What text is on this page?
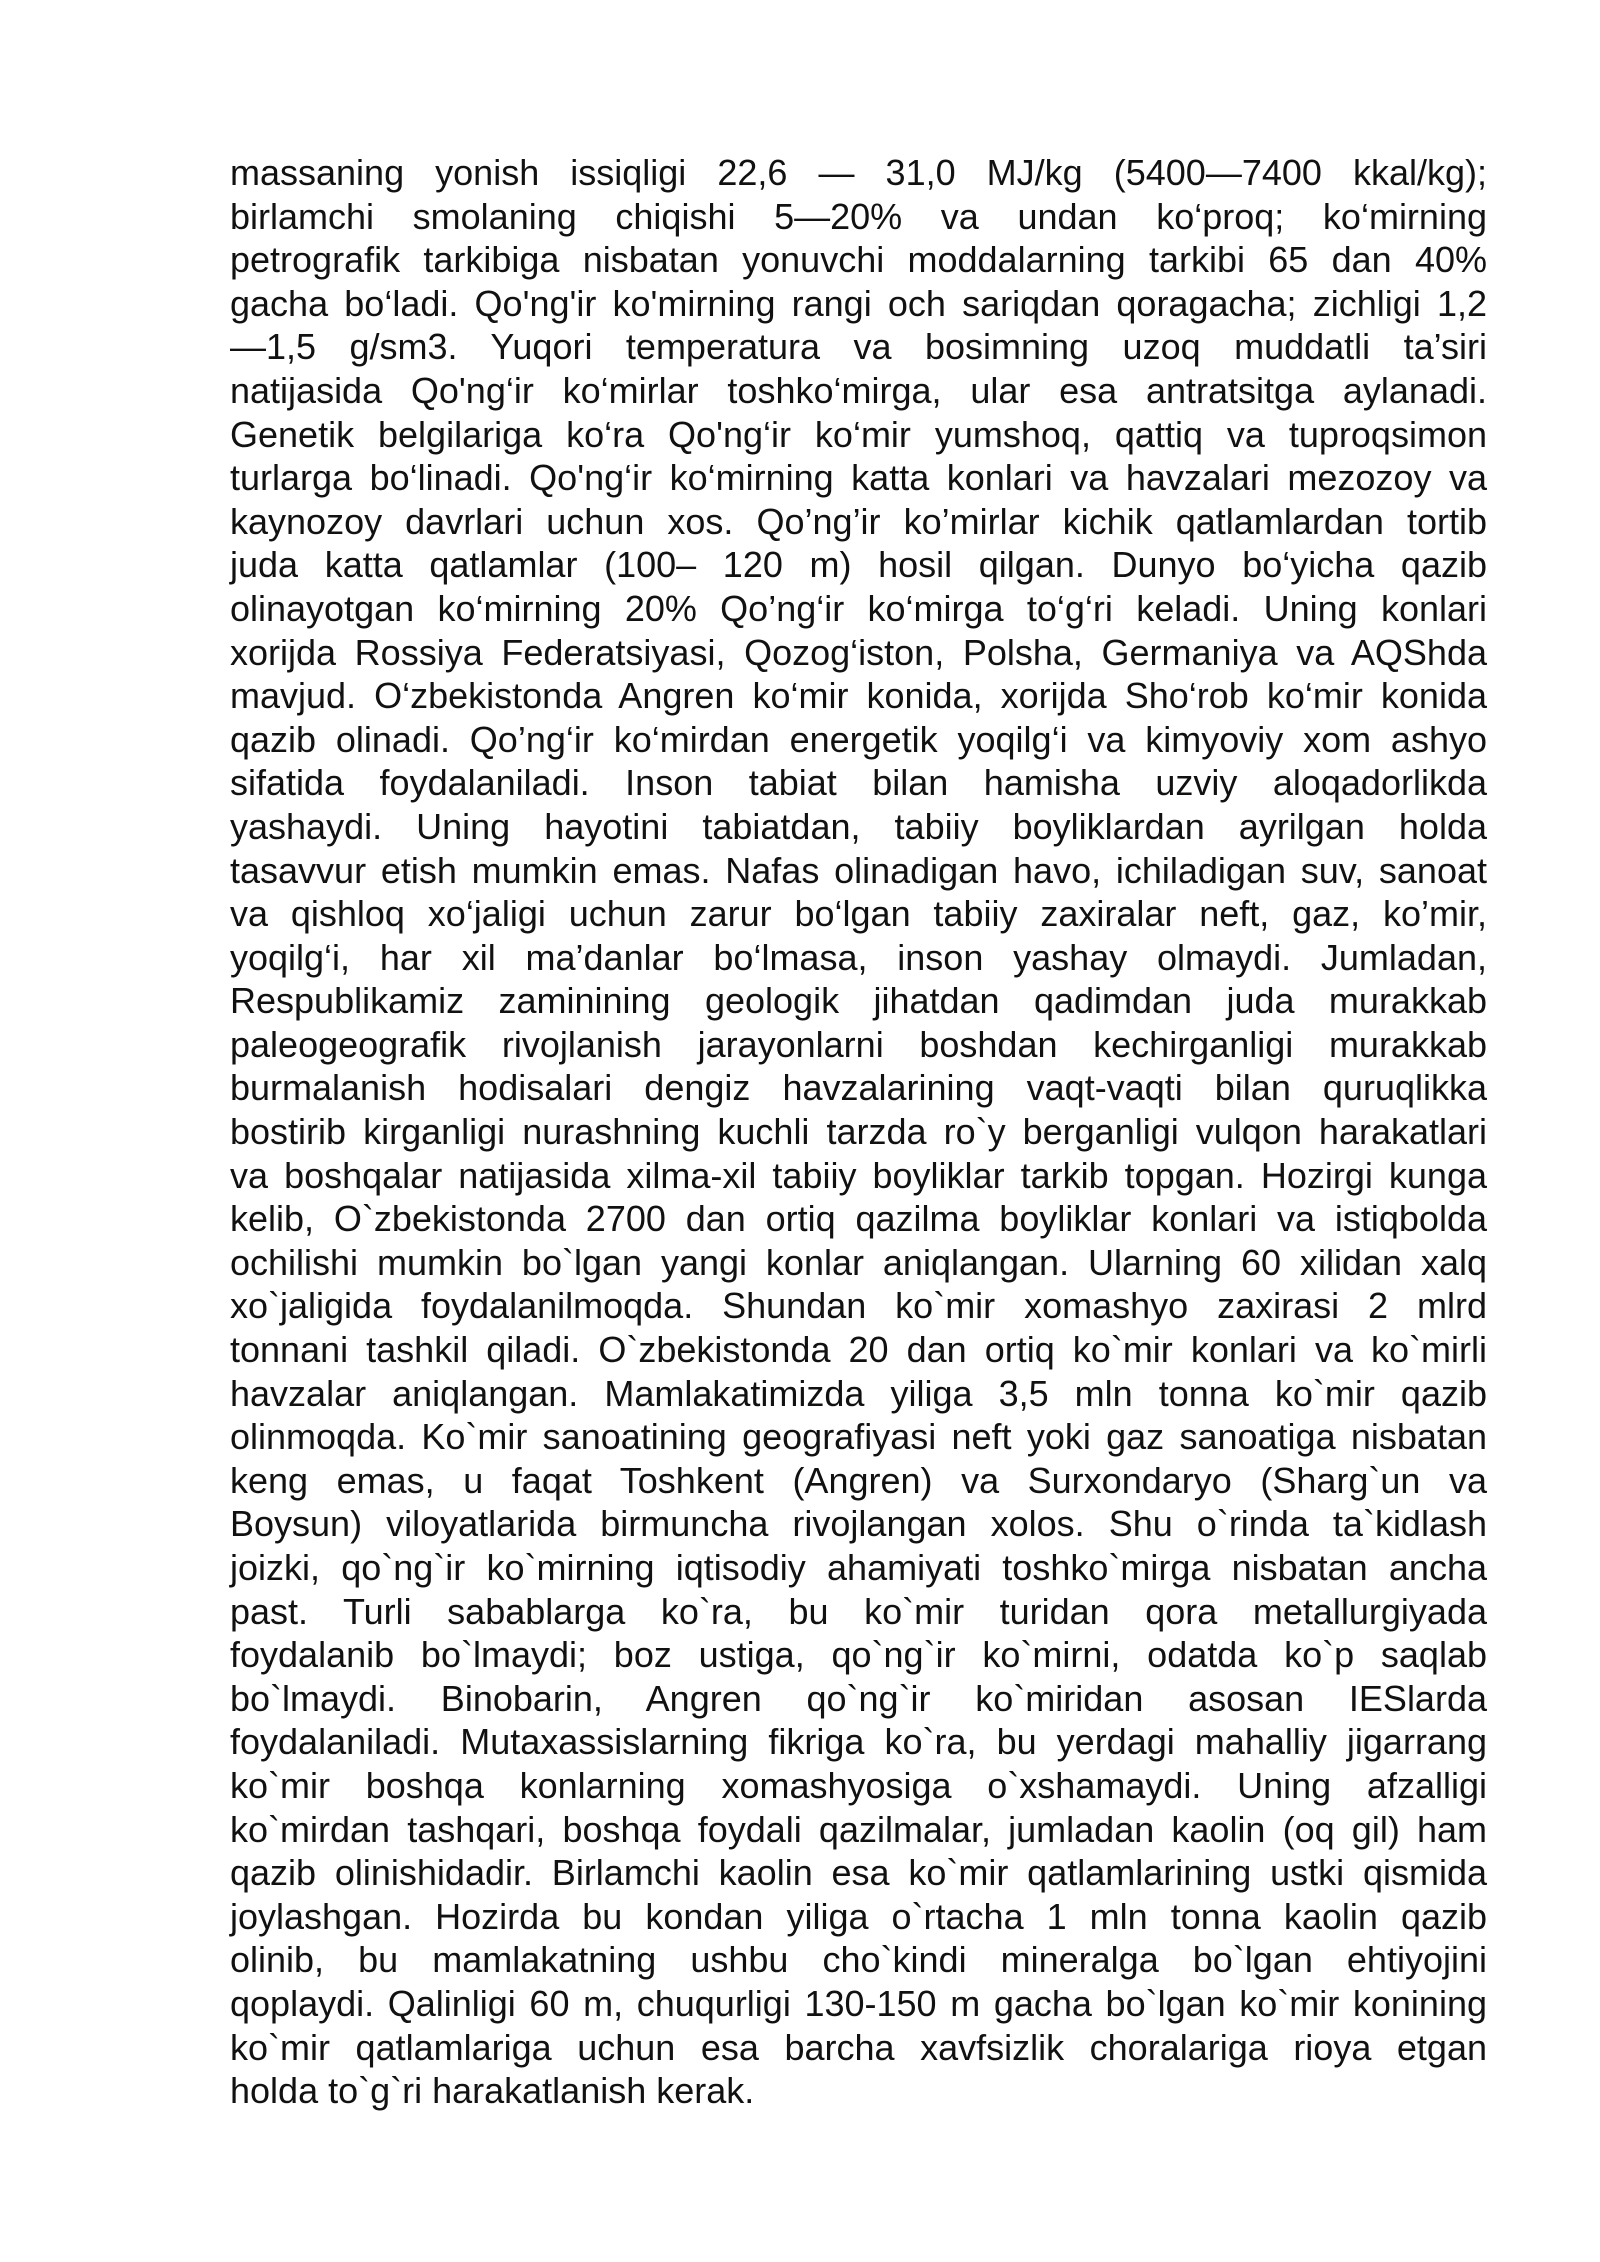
massaning yonish issiqligi 22,6 — 31,0 MJ/kg (5400—7400 kkal/kg);
birlamchi smolaning chiqishi 5—20% va undan ko‘proq; ko‘mirning
petrografik tarkibiga nisbatan yonuvchi moddalarning tarkibi 65 dan 40%
gacha bo‘ladi. Qo'ng'ir ko'mirning rangi och sariqdan qoragacha; zichligi 1,2
—1,5 g/sm3. Yuqori temperatura va bosimning uzoq muddatli ta’siri
natijasida Qo'ng‘ir ko‘mirlar toshko‘mirga, ular esa antratsitga aylanadi.
Genetik belgilariga ko‘ra Qo'ng‘ir ko‘mir yumshoq, qattiq va tuproqsimon
turlarga bo‘linadi. Qo'ng‘ir ko‘mirning katta konlari va havzalari mezozoy va
kaynozoy davrlari uchun xos. Qo’ng’ir ko’mirlar kichik qatlamlardan tortib
juda katta qatlamlar (100– 120 m) hosil qilgan. Dunyo bo‘yicha qazib
olinayotgan ko‘mirning 20% Qo’ng‘ir ko‘mirga to‘g‘ri keladi. Uning konlari
xorijda Rossiya Federatsiyasi, Qozog‘iston, Polsha, Germaniya va AQShda
mavjud. O‘zbekistonda Angren ko‘mir konida, xorijda Sho‘rob ko‘mir konida
qazib olinadi. Qo’ng‘ir ko‘mirdan energetik yoqilg‘i va kimyoviy xom ashyo
sifatida foydalaniladi. Inson tabiat bilan hamisha uzviy aloqadorlikda
yashaydi. Uning hayotini tabiatdan, tabiiy boyliklardan ayrilgan holda
tasavvur etish mumkin emas. Nafas olinadigan havo, ichiladigan suv, sanoat
va qishloq xo‘jaligi uchun zarur bo‘lgan tabiiy zaxiralar neft, gaz, ko’mir,
yoqilg‘i, har xil ma’danlar bo‘lmasa, inson yashay olmaydi. Jumladan,
Respublikamiz zaminining geologik jihatdan qadimdan juda murakkab
paleogeografik rivojlanish jarayonlarni boshdan kechirganligi murakkab
burmalanish hodisalari dengiz havzalarining vaqt-vaqti bilan quruqlikka
bostirib kirganligi nurashning kuchli tarzda ro`y berganligi vulqon harakatlari
va boshqalar natijasida xilma-xil tabiiy boyliklar tarkib topgan. Hozirgi kunga
kelib, O`zbekistonda 2700 dan ortiq qazilma boyliklar konlari va istiqbolda
ochilishi mumkin bo`lgan yangi konlar aniqlangan. Ularning 60 xilidan xalq
xo`jaligida foydalanilmoqda. Shundan ko`mir xomashyo zaxirasi 2 mlrd
tonnani tashkil qiladi. O`zbekistonda 20 dan ortiq ko`mir konlari va ko`mirli
havzalar aniqlangan. Mamlakatimizda yiliga 3,5 mln tonna ko`mir qazib
olinmoqda. Ko`mir sanoatining geografiyasi neft yoki gaz sanoatiga nisbatan
keng emas, u faqat Toshkent (Angren) va Surxondaryo (Sharg`un va
Boysun) viloyatlarida birmuncha rivojlangan xolos. Shu o`rinda ta`kidlash
joizki, qo`ng`ir ko`mirning iqtisodiy ahamiyati toshko`mirga nisbatan ancha
past. Turli sabablarga ko`ra, bu ko`mir turidan qora metallurgiyada
foydalanib bo`lmaydi; boz ustiga, qo`ng`ir ko`mirni, odatda ko`p saqlab
bo`lmaydi. Binobarin, Angren qo`ng`ir ko`miridan asosan IESlarda
foydalaniladi. Mutaxassislarning fikriga ko`ra, bu yerdagi mahalliy jigarrang
ko`mir boshqa konlarning xomashyosiga o`xshamaydi. Uning afzalligi
ko`mirdan tashqari, boshqa foydali qazilmalar, jumladan kaolin (oq gil) ham
qazib olinishidadir. Birlamchi kaolin esa ko`mir qatlamlarining ustki qismida
joylashgan. Hozirda bu kondan yiliga o`rtacha 1 mln tonna kaolin qazib
olinib, bu mamlakatning ushbu cho`kindi mineralga bo`lgan ehtiyojini
qoplaydi. Qalinligi 60 m, chuqurligi 130-150 m gacha bo`lgan ko`mir konining
ko`mir qatlamlariga uchun esa barcha xavfsizlik choralariga rioya etgan
holda to`g`ri harakatlanish kerak.
